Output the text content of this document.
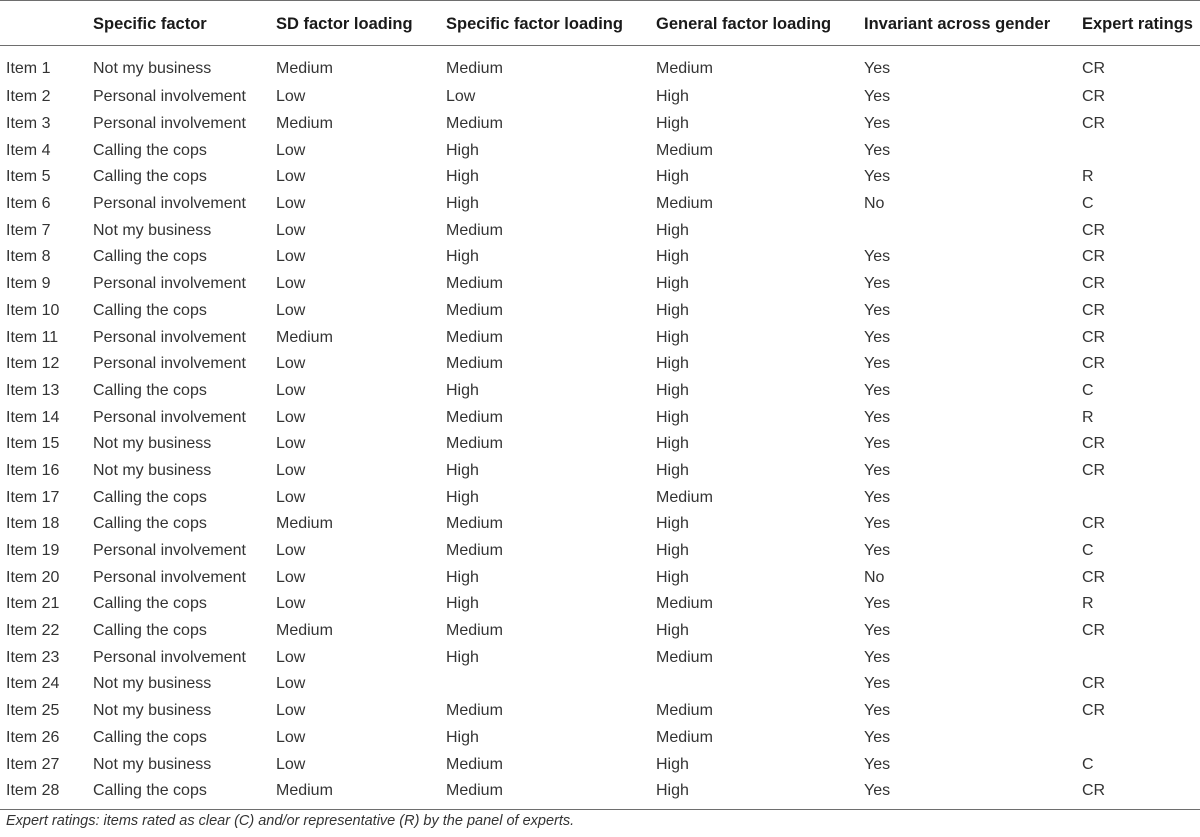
	Specific factor	SD factor loading	Specific factor loading	General factor loading	Invariant across gender	Expert ratings
Item 1	Not my business	Medium	Medium	Medium	Yes	CR
Item 2	Personal involvement	Low	Low	High	Yes	CR
Item 3	Personal involvement	Medium	Medium	High	Yes	CR
Item 4	Calling the cops	Low	High	Medium	Yes	
Item 5	Calling the cops	Low	High	High	Yes	R
Item 6	Personal involvement	Low	High	Medium	No	C
Item 7	Not my business	Low	Medium	High		CR
Item 8	Calling the cops	Low	High	High	Yes	CR
Item 9	Personal involvement	Low	Medium	High	Yes	CR
Item 10	Calling the cops	Low	Medium	High	Yes	CR
Item 11	Personal involvement	Medium	Medium	High	Yes	CR
Item 12	Personal involvement	Low	Medium	High	Yes	CR
Item 13	Calling the cops	Low	High	High	Yes	C
Item 14	Personal involvement	Low	Medium	High	Yes	R
Item 15	Not my business	Low	Medium	High	Yes	CR
Item 16	Not my business	Low	High	High	Yes	CR
Item 17	Calling the cops	Low	High	Medium	Yes	
Item 18	Calling the cops	Medium	Medium	High	Yes	CR
Item 19	Personal involvement	Low	Medium	High	Yes	C
Item 20	Personal involvement	Low	High	High	No	CR
Item 21	Calling the cops	Low	High	Medium	Yes	R
Item 22	Calling the cops	Medium	Medium	High	Yes	CR
Item 23	Personal involvement	Low	High	Medium	Yes	
Item 24	Not my business	Low			Yes	CR
Item 25	Not my business	Low	Medium	Medium	Yes	CR
Item 26	Calling the cops	Low	High	Medium	Yes	
Item 27	Not my business	Low	Medium	High	Yes	C
Item 28	Calling the cops	Medium	Medium	High	Yes	CR
Expert ratings: items rated as clear (C) and/or representative (R) by the panel of experts.
